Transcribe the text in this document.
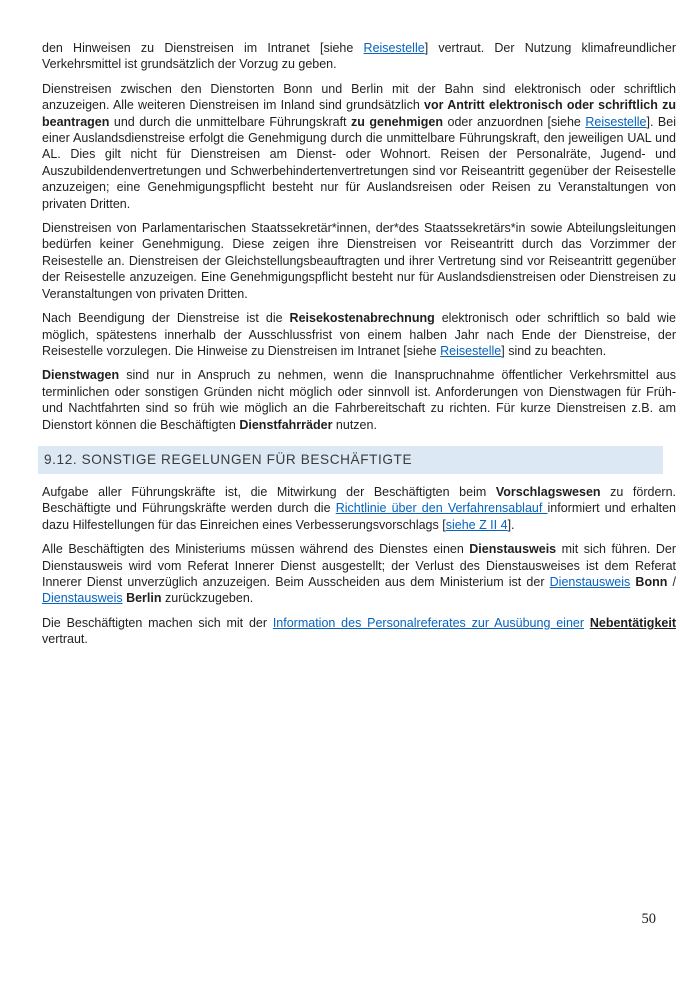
den Hinweisen zu Dienstreisen im Intranet [siehe Reisestelle] vertraut. Der Nutzung klimafreundlicher Verkehrsmittel ist grundsätzlich der Vorzug zu geben.

Dienstreisen zwischen den Dienstorten Bonn und Berlin mit der Bahn sind elektronisch oder schriftlich anzuzeigen. Alle weiteren Dienstreisen im Inland sind grundsätzlich vor Antritt elektronisch oder schriftlich zu beantragen und durch die unmittelbare Führungskraft zu genehmigen oder anzuordnen [siehe Reisestelle]. Bei einer Auslandsdienstreise erfolgt die Genehmigung durch die unmittelbare Führungskraft, den jeweiligen UAL und AL. Dies gilt nicht für Dienstreisen am Dienst- oder Wohnort. Reisen der Personalräte, Jugend- und Auszubildendenvertretungen und Schwerbehindertenvertretungen sind vor Reiseantritt gegenüber der Reisestelle anzuzeigen; eine Genehmigungspflicht besteht nur für Auslandsreisen oder Reisen zu Veranstaltungen von privaten Dritten.

Dienstreisen von Parlamentarischen Staatssekretär*innen, der*des Staatssekretärs*in sowie Abteilungsleitungen bedürfen keiner Genehmigung. Diese zeigen ihre Dienstreisen vor Reiseantritt durch das Vorzimmer der Reisestelle an. Dienstreisen der Gleichstellungsbeauftragten und ihrer Vertretung sind vor Reiseantritt gegenüber der Reisestelle anzuzeigen. Eine Genehmigungspflicht besteht nur für Auslandsdienstreisen oder Dienstreisen zu Veranstaltungen von privaten Dritten.

Nach Beendigung der Dienstreise ist die Reisekostenabrechnung elektronisch oder schriftlich so bald wie möglich, spätestens innerhalb der Ausschlussfrist von einem halben Jahr nach Ende der Dienstreise, der Reisestelle vorzulegen. Die Hinweise zu Dienstreisen im Intranet [siehe Reisestelle] sind zu beachten.

Dienstwagen sind nur in Anspruch zu nehmen, wenn die Inanspruchnahme öffentlicher Verkehrsmittel aus terminlichen oder sonstigen Gründen nicht möglich oder sinnvoll ist. Anforderungen von Dienstwagen für Früh- und Nachtfahrten sind so früh wie möglich an die Fahrbereitschaft zu richten. Für kurze Dienstreisen z.B. am Dienstort können die Beschäftigten Dienstfahrräder nutzen.

9.12. SONSTIGE REGELUNGEN FÜR BESCHÄFTIGTE

Aufgabe aller Führungskräfte ist, die Mitwirkung der Beschäftigten beim Vorschlagswesen zu fördern. Beschäftigte und Führungskräfte werden durch die Richtlinie über den Verfahrensablauf informiert und erhalten dazu Hilfestellungen für das Einreichen eines Verbesserungsvorschlags [siehe Z II 4].

Alle Beschäftigten des Ministeriums müssen während des Dienstes einen Dienstausweis mit sich führen. Der Dienstausweis wird vom Referat Innerer Dienst ausgestellt; der Verlust des Dienstausweises ist dem Referat Innerer Dienst unverzüglich anzuzeigen. Beim Ausscheiden aus dem Ministerium ist der Dienstausweis Bonn / Dienstausweis Berlin zurückzugeben.

Die Beschäftigten machen sich mit der Information des Personalreferates zur Ausübung einer Nebentätigkeit vertraut.

50
